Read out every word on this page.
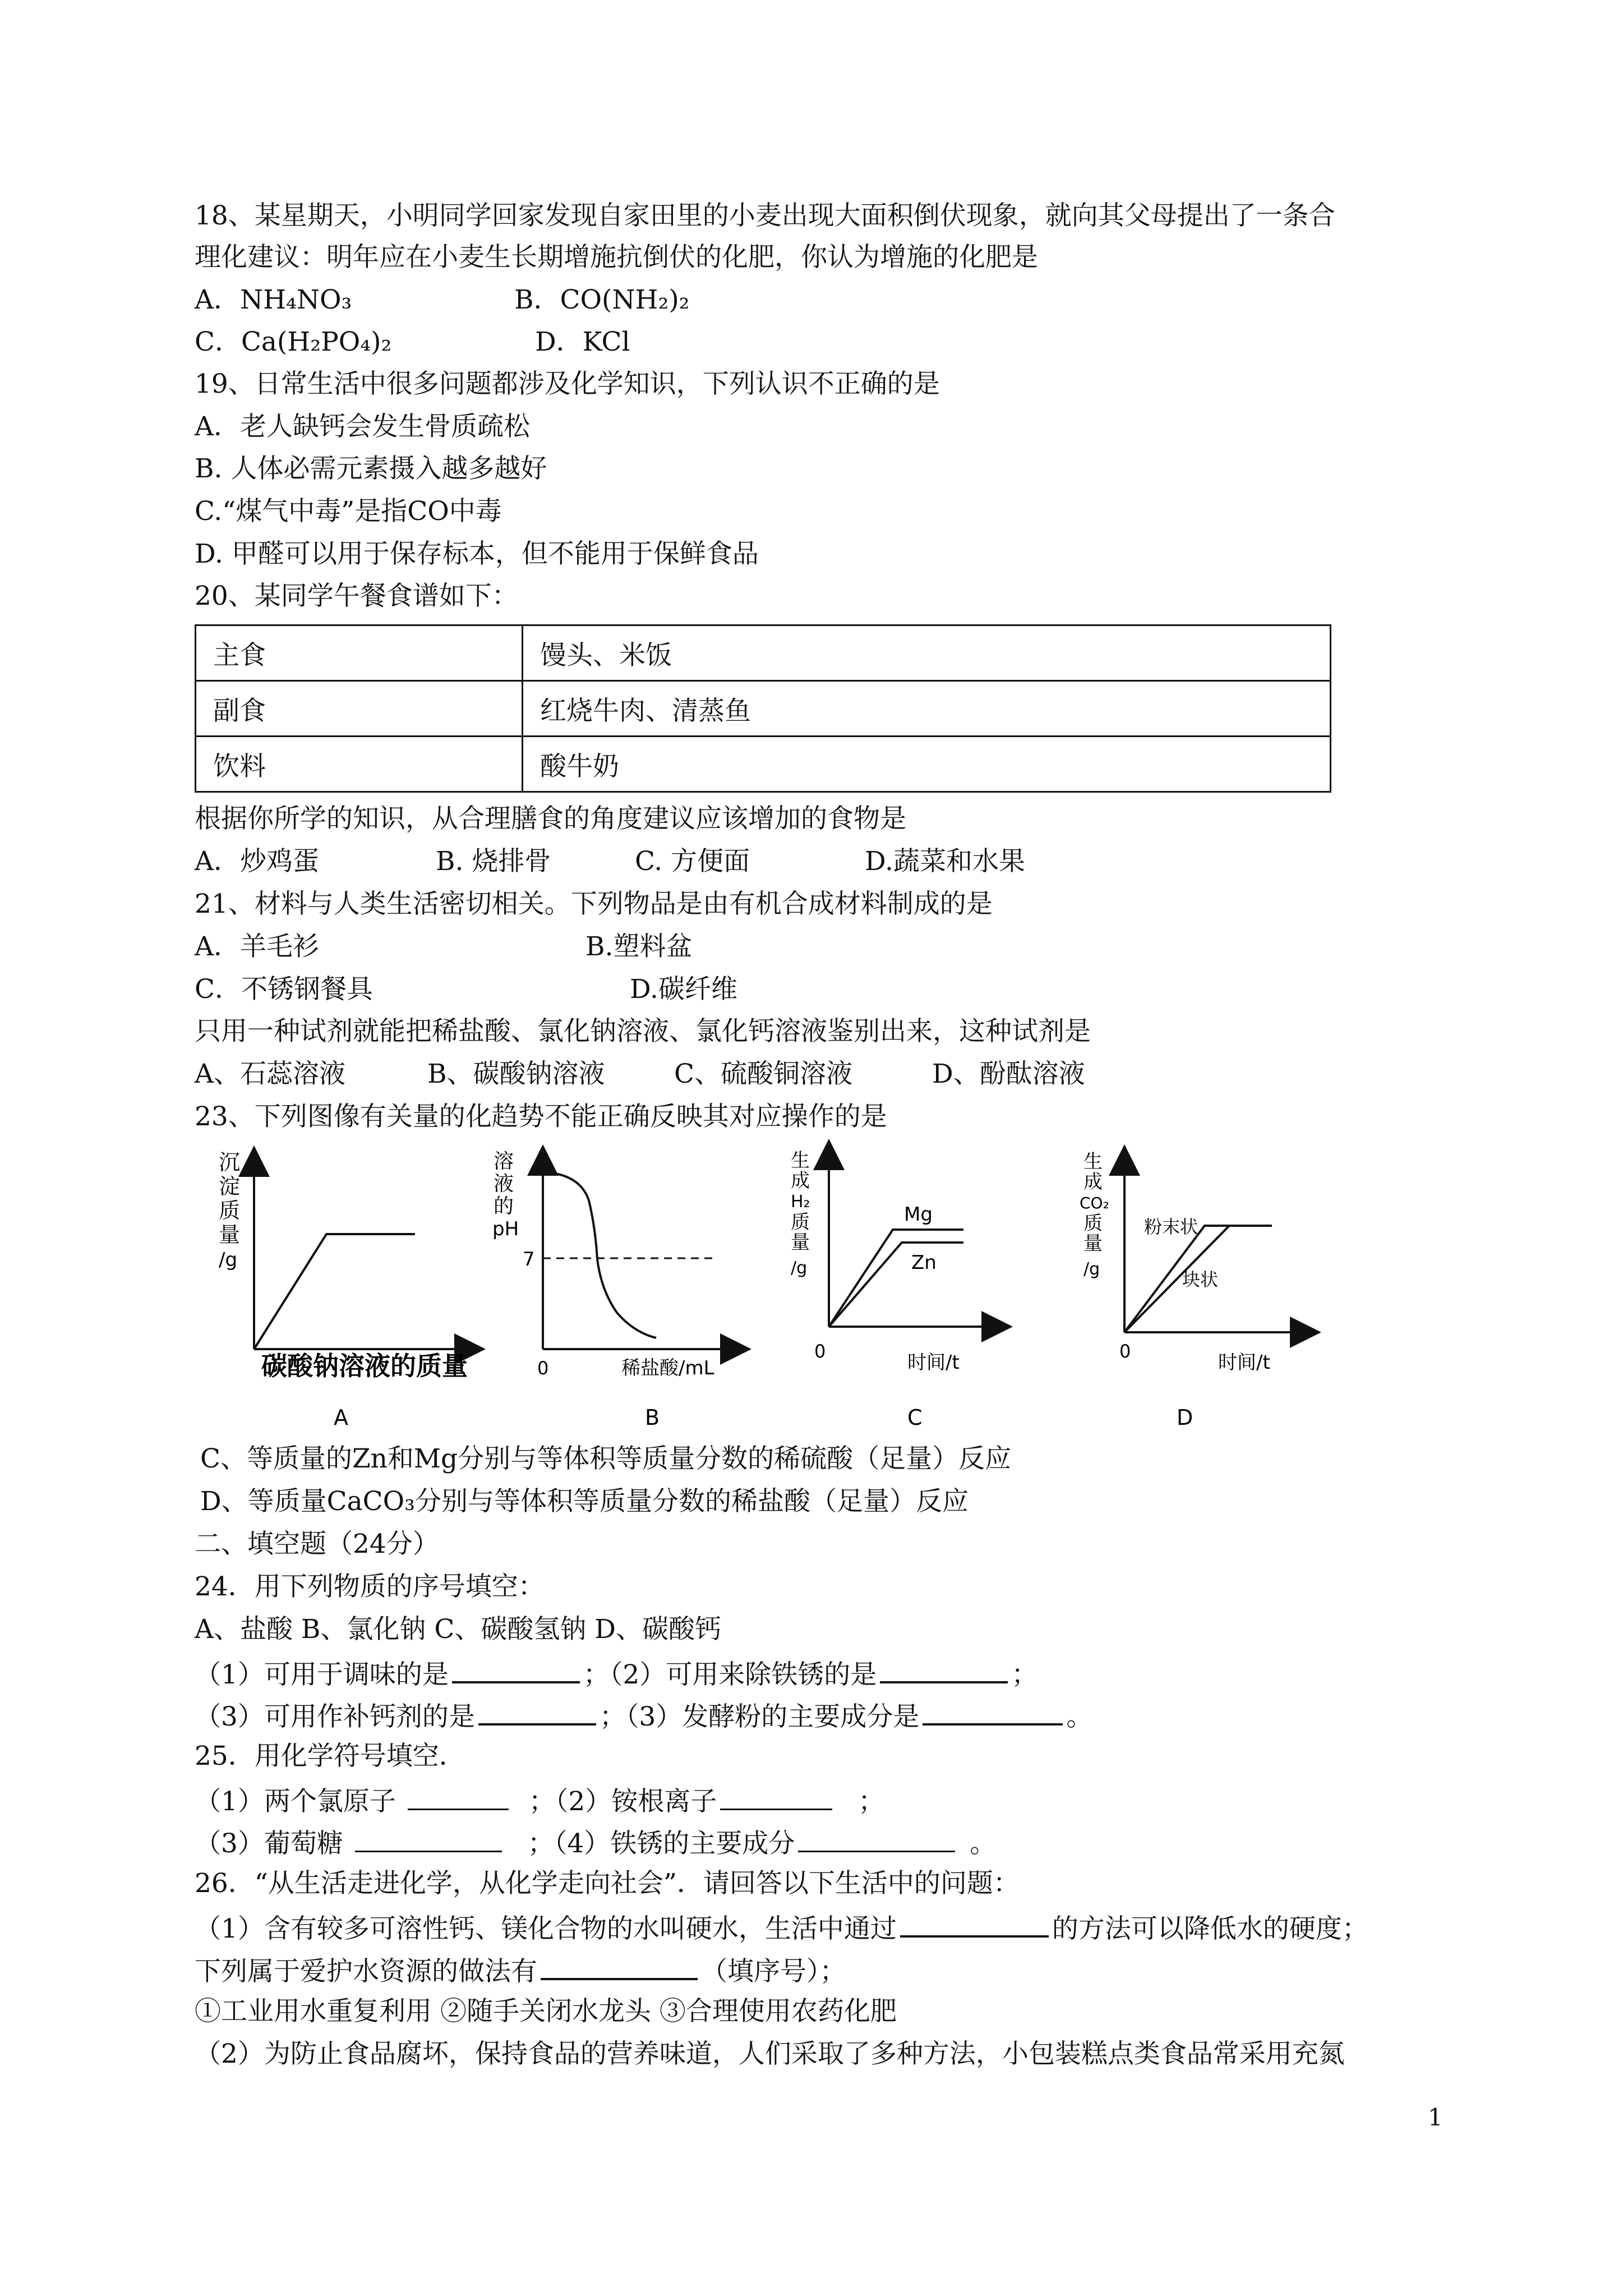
18、某星期天，小明同学回家发现自家田里的小麦出现大面积倒伏现象，就向其父母提出了一条合
理化建议：明年应在小麦生长期增施抗倒伏的化肥，你认为增施的化肥是
A．NH₄NO₃	B．CO(NH₂)₂
C．Ca(H₂PO₄)₂	D．KCl
19、日常生活中很多问题都涉及化学知识，下列认识不正确的是
A．老人缺钙会发生骨质疏松
B. 人体必需元素摄入越多越好
C.“煤气中毒”是指CO中毒
D. 甲醛可以用于保存标本，但不能用于保鲜食品
20、某同学午餐食谱如下：
主食	馒头、米饭
副食	红烧牛肉、清蒸鱼
饮料	酸牛奶
根据你所学的知识，从合理膳食的角度建议应该增加的食物是
A．炒鸡蛋	B. 烧排骨	C. 方便面	D.蔬菜和水果
21、材料与人类生活密切相关。下列物品是由有机合成材料制成的是
A．羊毛衫	B.塑料盆
C．不锈钢餐具	D.碳纤维
只用一种试剂就能把稀盐酸、氯化钠溶液、氯化钙溶液鉴别出来，这种试剂是
A、石蕊溶液	B、碳酸钠溶液	C、硫酸铜溶液	D、酚酞溶液
23、下列图像有关量的化趋势不能正确反映其对应操作的是
沉
淀
质
量
/g
碳酸钠溶液的质量
A
溶
液
的
pH
7
0	稀盐酸/mL
B
Mg
Zn
生
成
H₂
质
量
/g
0	时间/t
C
粉末状
块状
生
成
CO₂
质
量
/g
0	时间/t
D
C、等质量的Zn和Mg分别与等体积等质量分数的稀硫酸（足量）反应
D、等质量CaCO₃分别与等体积等质量分数的稀盐酸（足量）反应
二、填空题（24分）
24．用下列物质的序号填空：
A、盐酸 B、氯化钠 C、碳酸氢钠 D、碳酸钙
（1）可用于调味的是	；（2）可用来除铁锈的是	；
（3）可用作补钙剂的是	；（3）发酵粉的主要成分是	。
25．用化学符号填空．
（1）两个氯原子	；（2）铵根离子	；
（3）葡萄糖	；（4）铁锈的主要成分	。
26．“从生活走进化学，从化学走向社会”．请回答以下生活中的问题：
（1）含有较多可溶性钙、镁化合物的水叫硬水，生活中通过	的方法可以降低水的硬度；
下列属于爱护水资源的做法有	（填序号）；
①工业用水重复利用 ②随手关闭水龙头 ③合理使用农药化肥
（2）为防止食品腐坏，保持食品的营养味道，人们采取了多种方法，小包装糕点类食品常采用充氮
1
